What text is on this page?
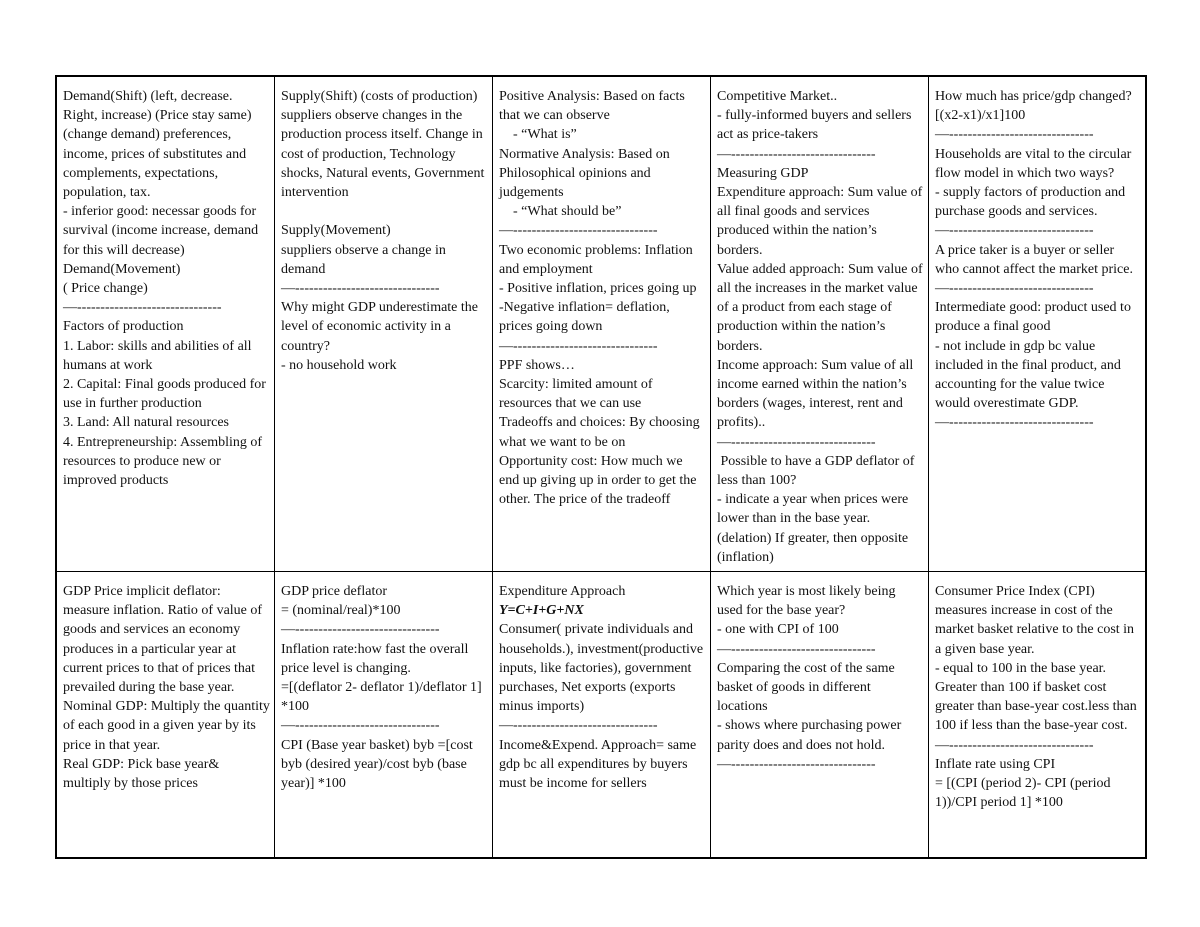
Demand(Shift) (left, decrease. Right, increase) (Price stay same) (change demand) preferences, income, prices of substitutes and complements, expectations, population, tax.
- inferior good: necessar goods for survival (income increase, demand for this will decrease)
Demand(Movement)
( Price change)
—-------------------------------
Factors of production
1. Labor: skills and abilities of all humans at work
2. Capital: Final goods produced for use in further production
3. Land: All natural resources
4. Entrepreneurship: Assembling of resources to produce new or improved products
Supply(Shift) (costs of production)
suppliers observe changes in the production process itself. Change in cost of production, Technology shocks, Natural events, Government intervention

Supply(Movement)
suppliers observe a change in demand
—-------------------------------
Why might GDP underestimate the level of economic activity in a country?
- no household work
Positive Analysis: Based on facts that we can observe
- “What is”
Normative Analysis: Based on Philosophical opinions and judgements
- “What should be”
—-------------------------------
Two economic problems: Inflation and employment
- Positive inflation, prices going up
-Negative inflation= deflation, prices going down
—-------------------------------
PPF shows…
Scarcity: limited amount of resources that we can use
Tradeoffs and choices: By choosing what we want to be on
Opportunity cost: How much we end up giving up in order to get the other. The price of the tradeoff
Competitive Market..
- fully-informed buyers and sellers act as price-takers
—-------------------------------
Measuring GDP
Expenditure approach: Sum value of all final goods and services produced within the nation’s borders.
Value added approach: Sum value of all the increases in the market value of a product from each stage of production within the nation’s borders.
Income approach: Sum value of all income earned within the nation’s borders (wages, interest, rent and profits)..
—-------------------------------
Possible to have a GDP deflator of less than 100?
- indicate a year when prices were lower than in the base year. (delation) If greater, then opposite (inflation)
How much has price/gdp changed?
[(x2-x1)/x1]100
—-------------------------------
Households are vital to the circular flow model in which two ways?
- supply factors of production and purchase goods and services.
—-------------------------------
A price taker is a buyer or seller who cannot affect the market price.
—-------------------------------
Intermediate good: product used to produce a final good
- not include in gdp bc value included in the final product, and accounting for the value twice would overestimate GDP.
—-------------------------------
GDP Price implicit deflator: measure inflation. Ratio of value of goods and services an economy produces in a particular year at current prices to that of prices that prevailed during the base year.
Nominal GDP: Multiply the quantity of each good in a given year by its price in that year.
Real GDP: Pick base year& multiply by those prices
GDP price deflator
= (nominal/real)*100
—-------------------------------
Inflation rate:how fast the overall price level is changing.
=[(deflator 2- deflator 1)/deflator 1] *100
—-------------------------------
CPI (Base year basket) byb =[cost byb (desired year)/cost byb (base year)] *100
Expenditure Approach
Y=C+I+G+NX
Consumer( private individuals and households.), investment(productive inputs, like factories), government purchases, Net exports (exports minus imports)
—-------------------------------
Income&Expend. Approach= same gdp bc all expenditures by buyers must be income for sellers
Which year is most likely being used for the base year?
- one with CPI of 100
—-------------------------------
Comparing the cost of the same basket of goods in different locations
- shows where purchasing power parity does and does not hold.
—-------------------------------
Consumer Price Index (CPI) measures increase in cost of the market basket relative to the cost in a given base year.
- equal to 100 in the base year. Greater than 100 if basket cost greater than base-year cost.less than 100 if less than the base-year cost.
—-------------------------------
Inflate rate using CPI
= [(CPI (period 2)- CPI (period 1))/CPI period 1] *100
